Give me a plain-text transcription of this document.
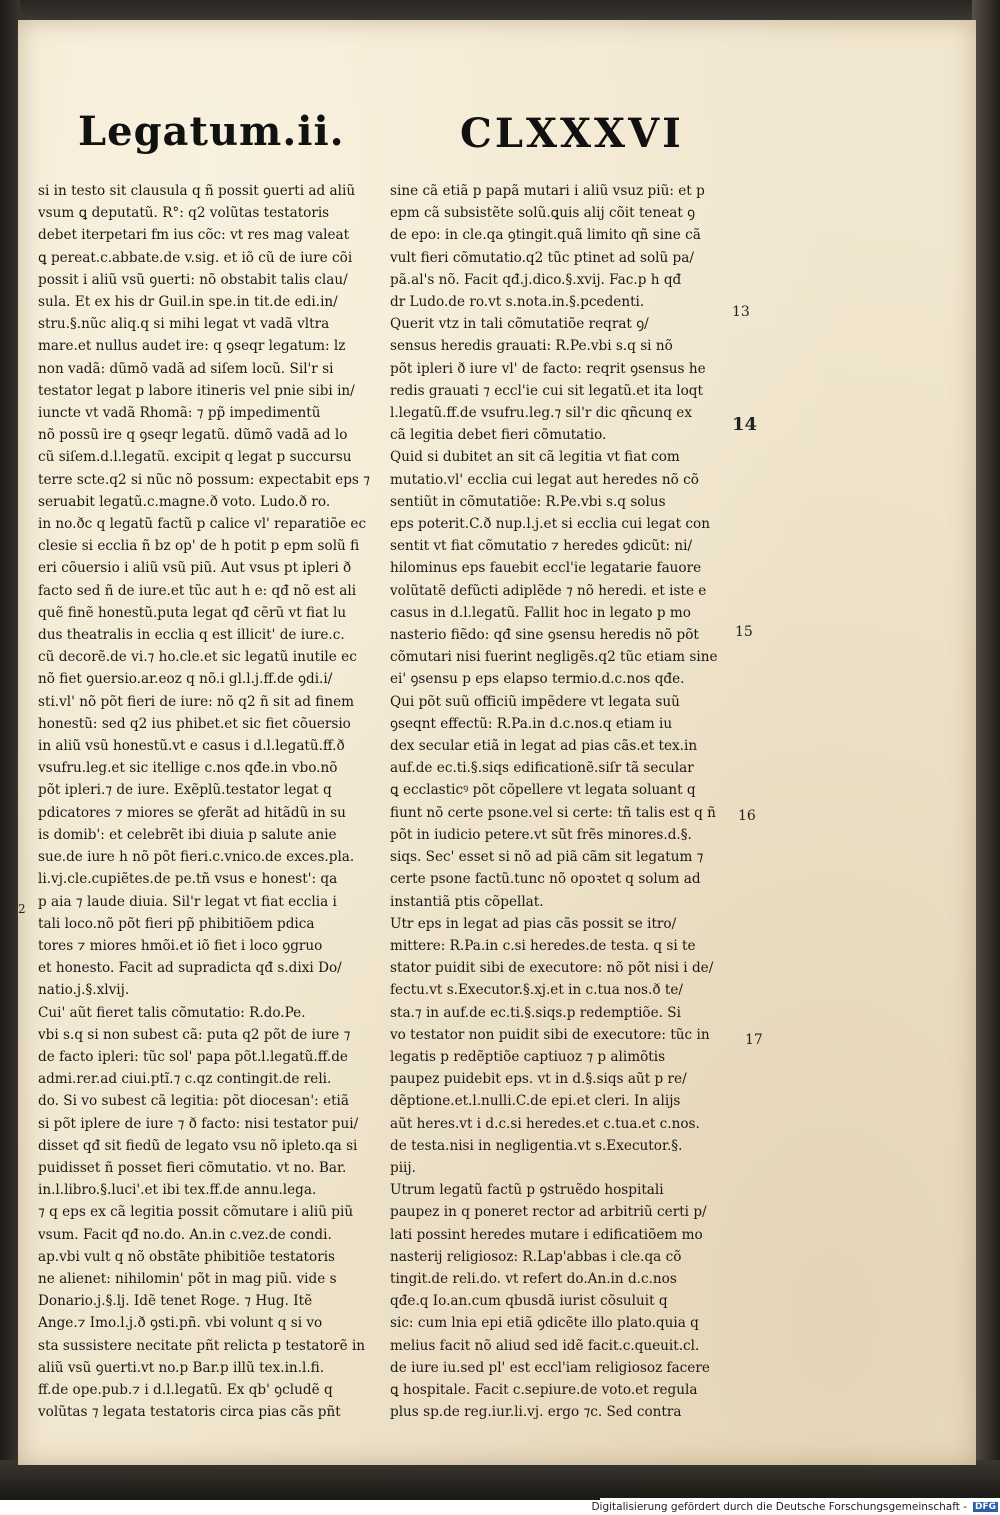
Legatum.ii.	CLXXXVI

si in testo sit clausula q ñ possit ꝯuerti ad aliũ

vsum ꝗ deputatũ. R°: q2 volũtas testatoris

debet iterpetari fm ius cõc: vt res mag valeat

ꝗ pereat.c.abbate.de v.sig. et iõ cũ de iure cõi

possit i aliũ vsũ ꝯuerti: nõ obstabit talis clau/

sula. Et ex his dr Guil.in spe.in tit.de edi.in/

stru.§.nũc aliq.q si mihi legat vt vadã vltra

mare.et nullus audet ire: q ꝯseqr legatum: lz

non vadã: dũmõ vadã ad siſem locũ. Sil'r si

testator legat p labore itineris vel pnie sibi in/

iuncte vt vadã Rhomã: ⁊ pp̃ impedimentũ

nõ possũ ire q ꝯseqr legatũ. dũmõ vadã ad lo

cũ siſem.d.l.legatũ. excipit q legat p succursu

terre scte.q2 si nũc nõ possum: expectabit eps ⁊

seruabit legatũ.c.magne.ð voto. Ludo.ð ro.

in no.ðc q legatũ factũ p calice vl' reparatiõe ec

clesie si ecclia ñ bz op' de h potit p epm solũ fi

eri cõuersio i aliũ vsũ piũ. Aut vsus pt ipleri ð

facto sed ñ de iure.et tũc aut h e: qđ nõ est ali

quẽ finẽ honestũ.puta legat qđ cẽrũ vt fiat lu

dus theatralis in ecclia q est illicit' de iure.c.

cũ decorẽ.de vi.⁊ ho.cle.et sic legatũ inutile ec

nõ fiet ꝯuersio.ar.eoz q nõ.i gl.l.j.ff.de ꝯdi.i/

sti.vl' nõ põt fieri de iure: nõ q2 ñ sit ad finem

honestũ: sed q2 ius phibet.et sic fiet cõuersio

in aliũ vsũ honestũ.vt e casus i d.l.legatũ.ff.ð

vsufru.leg.et sic itellige c.nos qđe.in vbo.nõ

põt ipleri.⁊ de iure. Exẽplũ.testator legat q

pdicatores ⁊ miores se ꝯferãt ad hitãdũ in su

is domib': et celebrẽt ibi diuia p salute anie

sue.de iure h nõ põt fieri.c.vnico.de exces.pla.

li.vj.cle.cupiẽtes.de pe.tñ vsus e honest': qa

p aia ⁊ laude diuia. Sil'r legat vt fiat ecclia i

tali loco.nõ põt fieri pp̃ phibitiõem pdica

tores ⁊ miores hmõi.et iõ fiet i loco ꝯgruo

et honesto. Facit ad supradicta qđ s.dixi Do/

natio.j.§.xlvij.

Cui' aũt fieret talis cõmutatio: R.do.Pe.

vbi s.q si non subest cã: puta q2 põt de iure ⁊

de facto ipleri: tũc sol' papa põt.l.legatũ.ff.de

admi.rer.ad ciui.ptĩ.⁊ c.qz contingit.de reli.

do. Si vo subest cã legitia: põt diocesan': etiã

si põt iplere de iure ⁊ ð facto: nisi testator pui/

disset qđ sit fiedũ de legato vsu nõ ipleto.qa si

puidisset ñ posset fieri cõmutatio. vt no. Bar.

in.l.libro.§.luci'.et ibi tex.ff.de annu.lega.

⁊ q eps ex cã legitia possit cõmutare i aliũ piũ

vsum. Facit qđ no.do. An.in c.vez.de condi.

ap.vbi vult q nõ obstãte phibitiõe testatoris

ne alienet: nihilomin' põt in mag piũ. vide s

Donario.j.§.lj. Idẽ tenet Roge. ⁊ Hug. Itẽ

Ange.⁊ Imo.l.j.ð ꝯsti.pñ. vbi volunt q si vo

sta sussistere necitate pñt relicta p testatorẽ in

aliũ vsũ ꝯuerti.vt no.p Bar.p illũ tex.in.l.fi.

ff.de ope.pub.⁊ i d.l.legatũ. Ex qb' ꝯcludẽ q

volũtas ⁊ legata testatoris circa pias cãs pñt

sine cã etiã p papã mutari i aliũ vsuz piũ: et p

epm cã subsistẽte solũ.ꝗuis alij cõit teneat ꝯ

de epo: in cle.qa ꝯtingit.quã limito qñ sine cã

vult fieri cõmutatio.q2 tũc ptinet ad solũ pa/

pã.al's nõ. Facit qđ.j.dico.§.xvij. Fac.p h qđ

dr Ludo.de ro.vt s.nota.in.§.pcedenti.

Querit vtz in tali cõmutatiõe reqrat ꝯ/

sensus heredis grauati: R.Pe.vbi s.q si nõ

põt ipleri ð iure vl' de facto: reqrit ꝯsensus he

redis grauati ⁊ eccl'ie cui sit legatũ.et ita loqt

l.legatũ.ff.de vsufru.leg.⁊ sil'r dic qñcunq ex

cã legitia debet fieri cõmutatio.

Quid si dubitet an sit cã legitia vt fiat com

mutatio.vl' ecclia cui legat aut heredes nõ cõ

sentiũt in cõmutatiõe: R.Pe.vbi s.q solus

eps poterit.C.ð nup.l.j.et si ecclia cui legat con

sentit vt fiat cõmutatio ⁊ heredes ꝯdicũt: ni/

hilominus eps fauebit eccl'ie legatarie fauore

volũtatẽ defũcti adiplẽde ⁊ nõ heredi. et iste e

casus in d.l.legatũ. Fallit hoc in legato p mo

nasterio fiẽdo: qđ sine ꝯsensu heredis nõ põt

cõmutari nisi fuerint negligẽs.q2 tũc etiam sine

ei' ꝯsensu p eps elapso termio.d.c.nos qđe.

Qui põt suũ officiũ impẽdere vt legata suũ

ꝯseqnt effectũ: R.Pa.in d.c.nos.q etiam iu

dex secular etiã in legat ad pias cãs.et tex.in

auf.de ec.ti.§.siqs edificationẽ.siſr tã secular

ꝗ ecclasticꝰ põt cõpellere vt legata soluant q

fiunt nõ certe psone.vel si certe: tñ talis est q ñ

põt in iudicio petere.vt sũt frẽs minores.d.§.

siqs. Sec' esset si nõ ad piã cãm sit legatum ⁊

certe psone factũ.tunc nõ opoꝛtet q solum ad

instantiã ptis cõpellat.

Utr eps in legat ad pias cãs possit se itro/

mittere: R.Pa.in c.si heredes.de testa. q si te

stator puidit sibi de executore: nõ põt nisi i de/

fectu.vt s.Executor.§.xj.et in c.tua nos.ð te/

sta.⁊ in auf.de ec.ti.§.siqs.p redemptiõe. Si

vo testator non puidit sibi de executore: tũc in

legatis p redẽptiõe captiuoz ⁊ p alimõtis

paupez puidebit eps. vt in d.§.siqs aũt p re/

dẽptione.et.l.nulli.C.de epi.et cleri. In alijs

aũt heres.vt i d.c.si heredes.et c.tua.et c.nos.

de testa.nisi in negligentia.vt s.Executor.§.

piij.

Utrum legatũ factũ p ꝯstruẽdo hospitali

paupez in q poneret rector ad arbitriũ certi p/

lati possint heredes mutare i edificatiõem mo

nasterij religiosoz: R.Lap'abbas i cle.qa cõ

tingit.de reli.do. vt refert do.An.in d.c.nos

qđe.q Io.an.cum qbusdã iurist cõsuluit q

sic: cum lnia epi etiã ꝯdicẽte illo plato.quia q

melius facit nõ aliud sed idẽ facit.c.queuit.cl.

de iure iu.sed pl' est eccl'iam religiosoz facere

ꝗ hospitale. Facit c.sepiure.de voto.et regula

plus sp.de reg.iur.li.vj. ergo ⁊c. Sed contra

13
14
15
16
17
2
Digitalisierung gefördert durch die Deutsche Forschungsgemeinschaft - DFG
